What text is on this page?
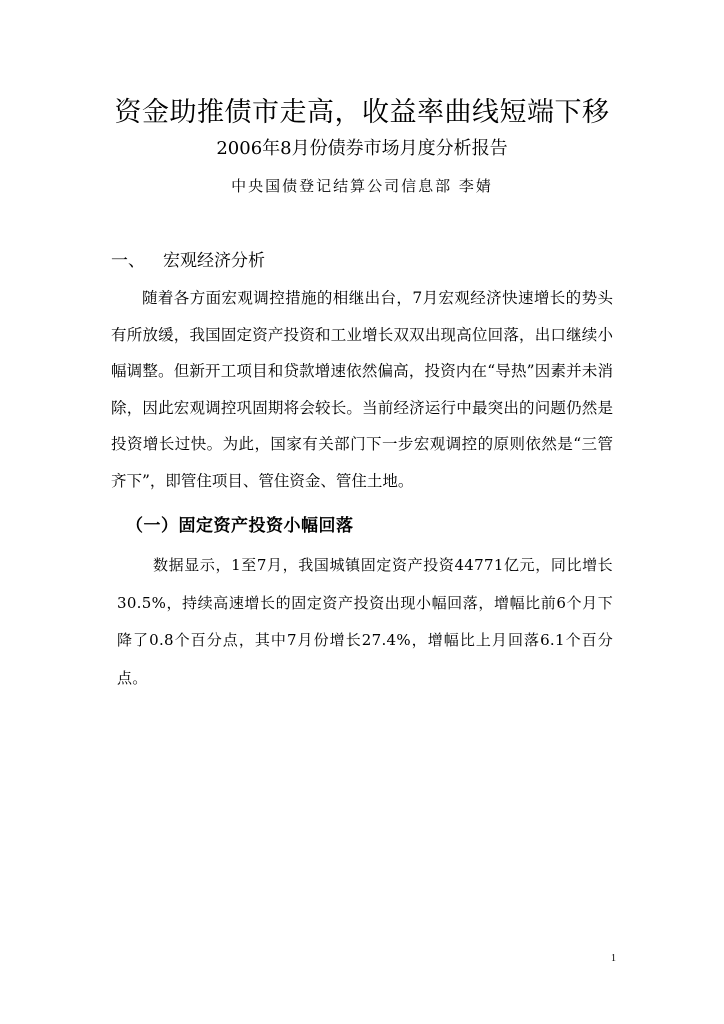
资金助推债市走高，收益率曲线短端下移
2006年8月份债券市场月度分析报告
中央国债登记结算公司信息部 李婧
一、 宏观经济分析

随着各方面宏观调控措施的相继出台，7月宏观经济快速增长的势头有所放缓，我国固定资产投资和工业增长双双出现高位回落，出口继续小幅调整。但新开工项目和贷款增速依然偏高，投资内在“导热”因素并未消除，因此宏观调控巩固期将会较长。当前经济运行中最突出的问题仍然是投资增长过快。为此，国家有关部门下一步宏观调控的原则依然是“三管齐下”，即管住项目、管住资金、管住土地。

（一）固定资产投资小幅回落

数据显示，1至7月，我国城镇固定资产投资44771亿元，同比增长 30.5%，持续高速增长的固定资产投资出现小幅回落，增幅比前6个月下降了0.8个百分点，其中7月份增长27.4%，增幅比上月回落6.1个百分点。

1
